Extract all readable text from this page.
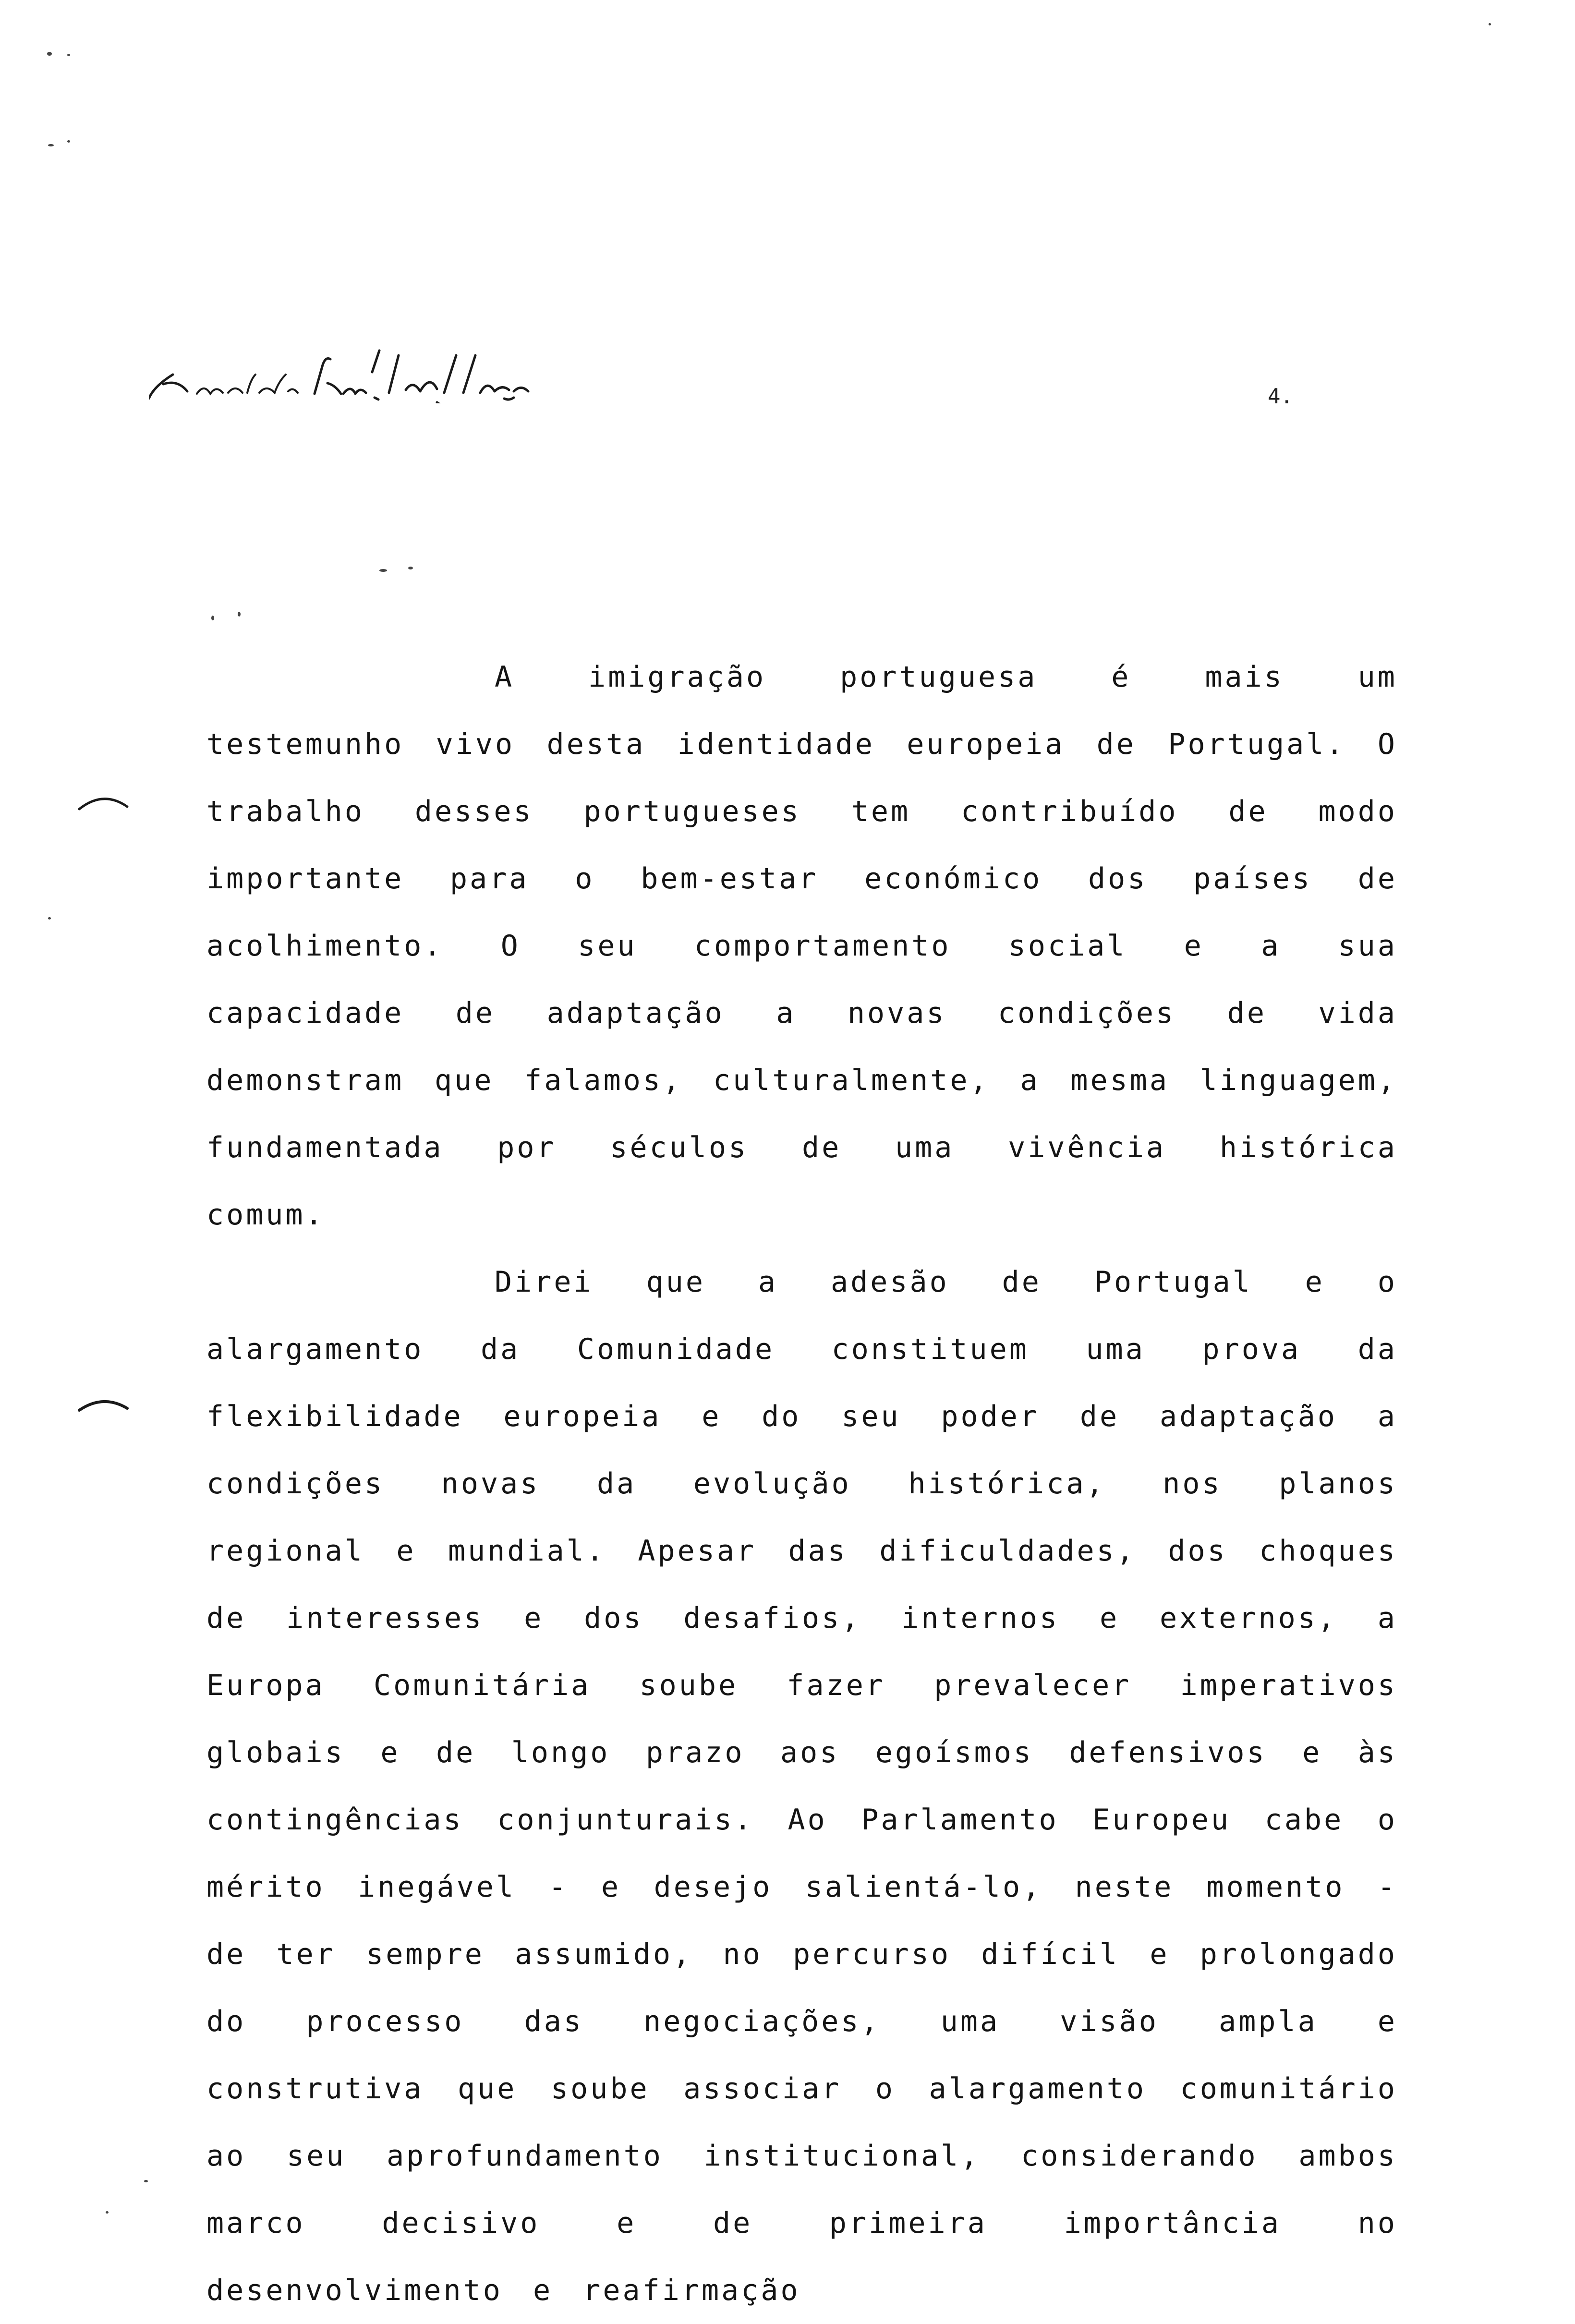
4.

A imigração portuguesa é mais um testemunho vivo desta identidade europeia de Portugal. O trabalho desses portugueses tem contribuído de modo importante para o bem-estar económico dos países de acolhimento. O seu comportamento social e a sua capacidade de adaptação a novas condições de vida demonstram que falamos, culturalmente, a mesma linguagem, fundamentada por séculos de uma vivência histórica comum.

Direi que a adesão de Portugal e o alargamento da Comunidade constituem uma prova da flexibilidade europeia e do seu poder de adaptação a condições novas da evolução histórica, nos planos regional e mundial. Apesar das dificuldades, dos choques de interesses e dos desafios, internos e externos, a Europa Comunitária soube fazer prevalecer imperativos globais e de longo prazo aos egoísmos defensivos e às contingências conjunturais. Ao Parlamento Europeu cabe o mérito inegável - e desejo salientá-lo, neste momento - de ter sempre assumido, no percurso difícil e prolongado do processo das negociações, uma visão ampla e construtiva que soube associar o alargamento comunitário ao seu aprofundamento institucional, considerando ambos marco decisivo e de primeira importância no desenvolvimento e reafirmação
